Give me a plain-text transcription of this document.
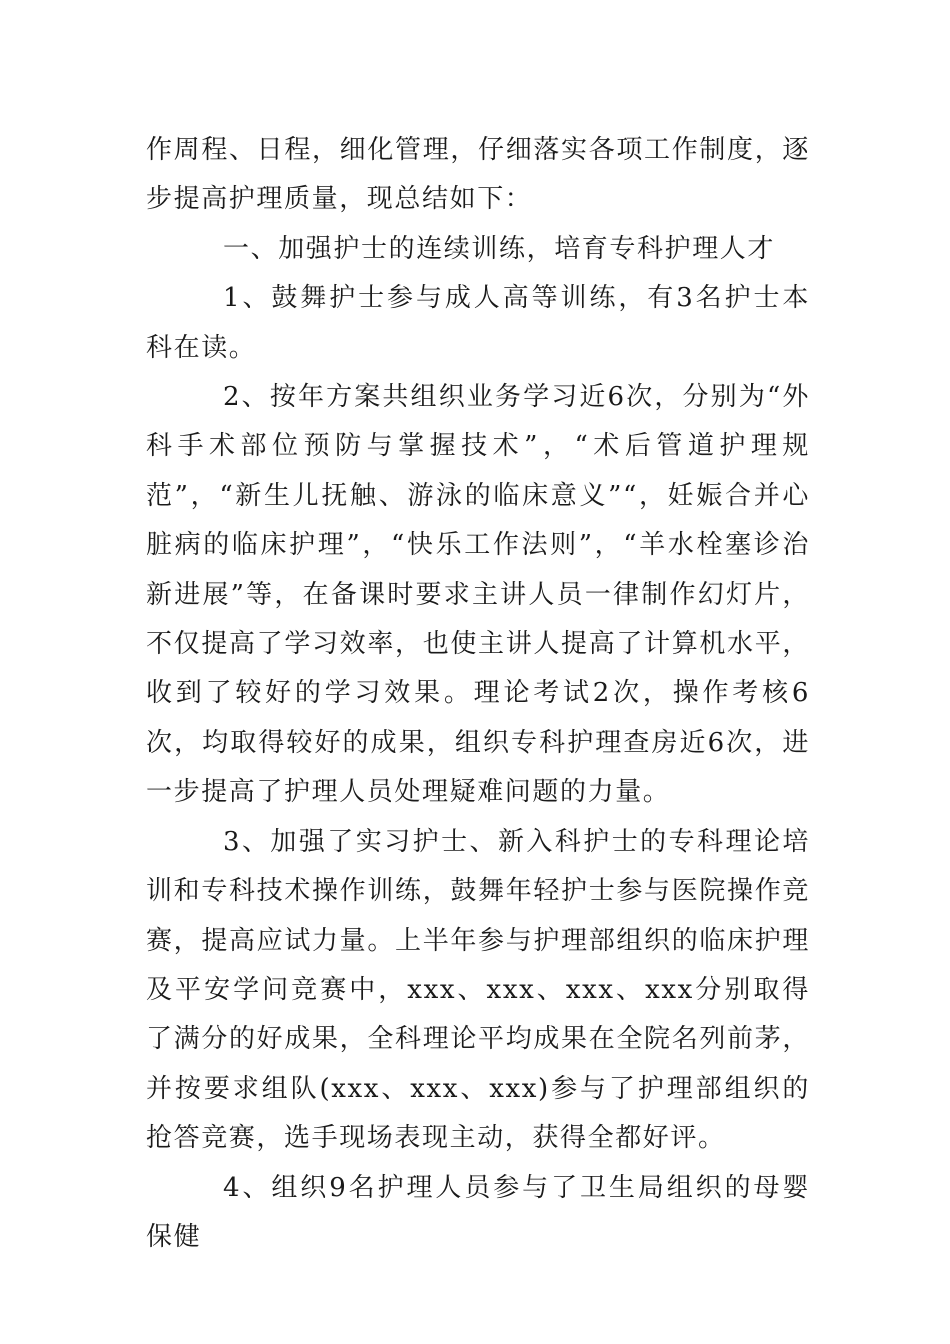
作周程、日程，细化管理，仔细落实各项工作制度，逐步提高护理质量，现总结如下：

一、加强护士的连续训练，培育专科护理人才

1、鼓舞护士参与成人高等训练，有3名护士本科在读。

2、按年方案共组织业务学习近6次，分别为“外科手术部位预防与掌握技术”，“术后管道护理规范”，“新生儿抚触、游泳的临床意义”“，妊娠合并心脏病的临床护理”，“快乐工作法则”，“羊水栓塞诊治新进展”等，在备课时要求主讲人员一律制作幻灯片，不仅提高了学习效率，也使主讲人提高了计算机水平，收到了较好的学习效果。理论考试2次，操作考核6次，均取得较好的成果，组织专科护理查房近6次，进一步提高了护理人员处理疑难问题的力量。

3、加强了实习护士、新入科护士的专科理论培训和专科技术操作训练，鼓舞年轻护士参与医院操作竞赛，提高应试力量。上半年参与护理部组织的临床护理及平安学问竞赛中，xxx、xxx、xxx、xxx分别取得了满分的好成果，全科理论平均成果在全院名列前茅，并按要求组队(xxx、xxx、xxx)参与了护理部组织的抢答竞赛，选手现场表现主动，获得全都好评。

4、组织9名护理人员参与了卫生局组织的母婴保健
